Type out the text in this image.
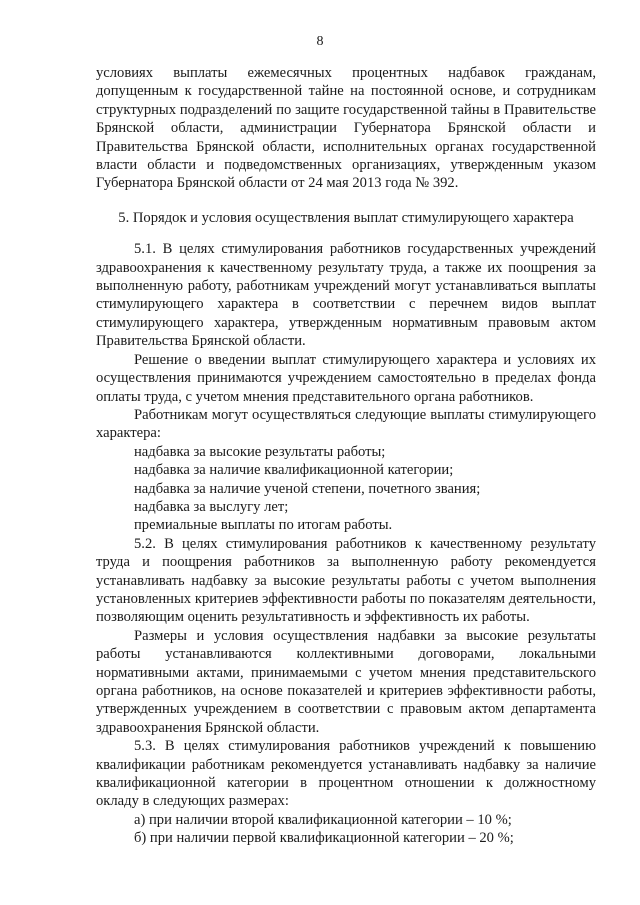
8

условиях выплаты ежемесячных процентных надбавок гражданам, допущенным к государственной тайне на постоянной основе, и сотрудникам структурных подразделений по защите государственной тайны в Правительстве Брянской области, администрации Губернатора Брянской области и Правительства Брянской области, исполнительных органах государственной власти области и подведомственных организациях, утвержденным указом Губернатора Брянской области от 24 мая 2013 года № 392.

5. Порядок и условия осуществления выплат стимулирующего характера

5.1. В целях стимулирования работников государственных учреждений здравоохранения к качественному результату труда, а также их поощрения за выполненную работу, работникам учреждений могут устанавливаться выплаты стимулирующего характера в соответствии с перечнем видов выплат стимулирующего характера, утвержденным нормативным правовым актом Правительства Брянской области.

Решение о введении выплат стимулирующего характера и условиях их осуществления принимаются учреждением самостоятельно в пределах фонда оплаты труда, с учетом мнения представительного органа работников.

Работникам могут осуществляться следующие выплаты стимулирующего характера:

надбавка за высокие результаты работы;

надбавка за наличие квалификационной категории;

надбавка за наличие ученой степени, почетного звания;

надбавка за выслугу лет;

премиальные выплаты по итогам работы.

5.2. В целях стимулирования работников к качественному результату труда и поощрения работников за выполненную работу рекомендуется устанавливать надбавку за высокие результаты работы с учетом выполнения установленных критериев эффективности работы по показателям деятельности, позволяющим оценить результативность и эффективность их работы.

Размеры и условия осуществления надбавки за высокие результаты работы устанавливаются коллективными договорами, локальными нормативными актами, принимаемыми с учетом мнения представительского органа работников, на основе показателей и критериев эффективности работы, утвержденных учреждением в соответствии с правовым актом департамента здравоохранения Брянской области.

5.3. В целях стимулирования работников учреждений к повышению квалификации работникам рекомендуется устанавливать надбавку за наличие квалификационной категории в процентном отношении к должностному окладу в следующих размерах:

а) при наличии второй квалификационной категории – 10 %;

б) при наличии первой квалификационной категории – 20 %;
